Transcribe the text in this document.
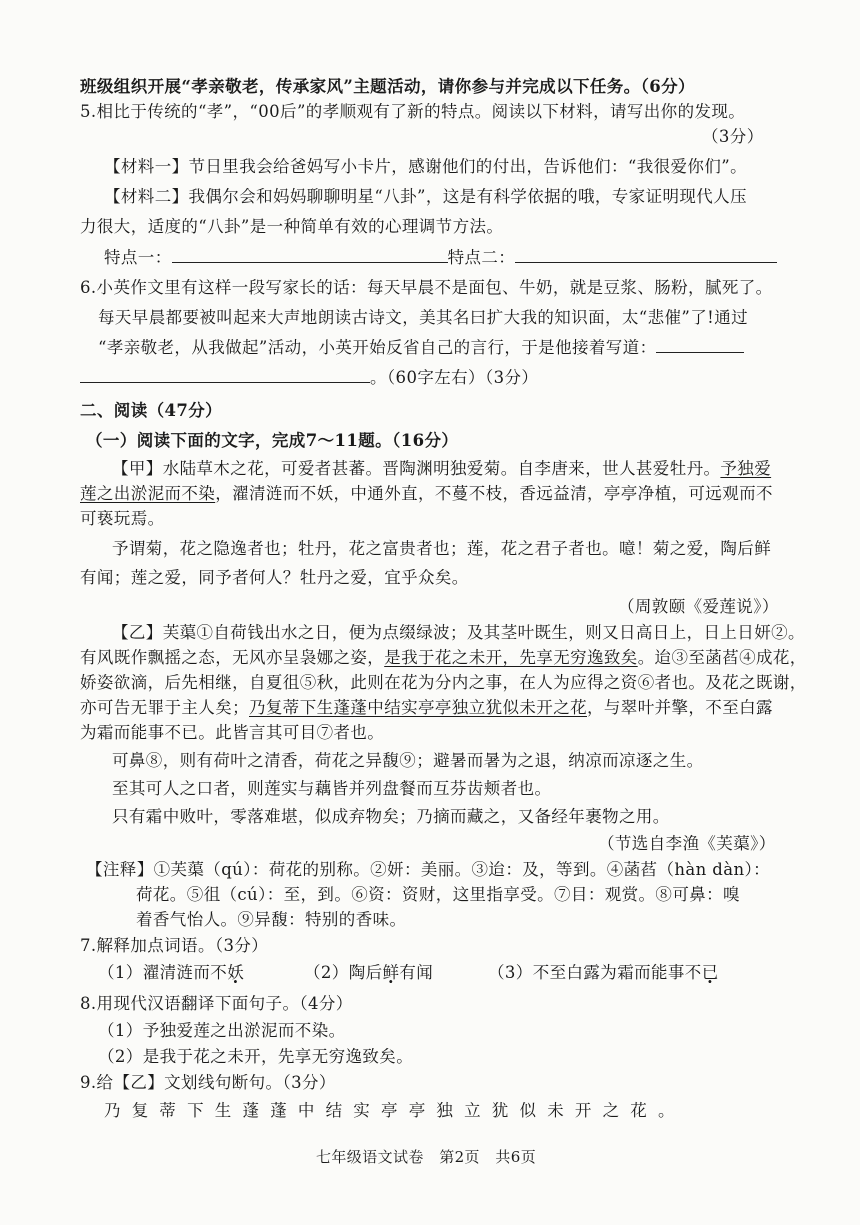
班级组织开展“孝亲敬老，传承家风”主题活动，请你参与并完成以下任务。（6分）
5.相比于传统的“孝”，“00后”的孝顺观有了新的特点。阅读以下材料，请写出你的发现。
（3分）
【材料一】节日里我会给爸妈写小卡片，感谢他们的付出，告诉他们：“我很爱你们”。
【材料二】我偶尔会和妈妈聊聊明星“八卦”，这是有科学依据的哦，专家证明现代人压
力很大，适度的“八卦”是一种简单有效的心理调节方法。
特点一：	特点二：
6.小英作文里有这样一段写家长的话：每天早晨不是面包、牛奶，就是豆浆、肠粉，腻死了。
每天早晨都要被叫起来大声地朗读古诗文，美其名曰扩大我的知识面，太“悲催”了!通过
“孝亲敬老，从我做起”活动，小英开始反省自己的言行，于是他接着写道：
。（60字左右）（3分）
二、阅读（47分）
（一）阅读下面的文字，完成7～11题。（16分）
【甲】水陆草木之花，可爱者甚蕃。晋陶渊明独爱菊。自李唐来，世人甚爱牡丹。予独爱
莲之出淤泥而不染，濯清涟而不妖，中通外直，不蔓不枝，香远益清，亭亭净植，可远观而不
可亵玩焉。
予谓菊，花之隐逸者也；牡丹，花之富贵者也；莲，花之君子者也。噫！菊之爱，陶后鲜
有闻；莲之爱，同予者何人？牡丹之爱，宜乎众矣。
（周敦颐《爱莲说》）
【乙】芙蕖①自荷钱出水之日，便为点缀绿波；及其茎叶既生，则又日高日上，日上日妍②。
有风既作飘摇之态，无风亦呈袅娜之姿，是我于花之未开，先享无穷逸致矣。迨③至菡萏④成花，
娇姿欲滴，后先相继，自夏徂⑤秋，此则在花为分内之事，在人为应得之资⑥者也。及花之既谢，
亦可告无罪于主人矣；乃复蒂下生蓬蓬中结实亭亭独立犹似未开之花，与翠叶并擎，不至白露
为霜而能事不已。此皆言其可目⑦者也。
可鼻⑧，则有荷叶之清香，荷花之异馥⑨；避暑而暑为之退，纳凉而凉逐之生。
至其可人之口者，则莲实与藕皆并列盘餐而互芬齿颊者也。
只有霜中败叶，零落难堪，似成弃物矣；乃摘而藏之，又备经年裹物之用。
（节选自李渔《芙蕖》）
【注释】①芙蕖（qú）：荷花的别称。②妍：美丽。③迨：及，等到。④菡萏（hàn dàn）：
荷花。⑤徂（cú）：至，到。⑥资：资财，这里指享受。⑦目：观赏。⑧可鼻：嗅
着香气怡人。⑨异馥：特别的香味。
7.解释加点词语。（3分）
（1）濯清涟而不妖	（2）陶后鲜有闻	（3）不至白露为霜而能事不已
8.用现代汉语翻译下面句子。（4分）
（1）予独爱莲之出淤泥而不染。
（2）是我于花之未开，先享无穷逸致矣。
9.给【乙】文划线句断句。（3分）
乃复蒂下生蓬蓬中结实亭亭独立犹似未开之花。
七年级语文试卷　第2页　共6页
